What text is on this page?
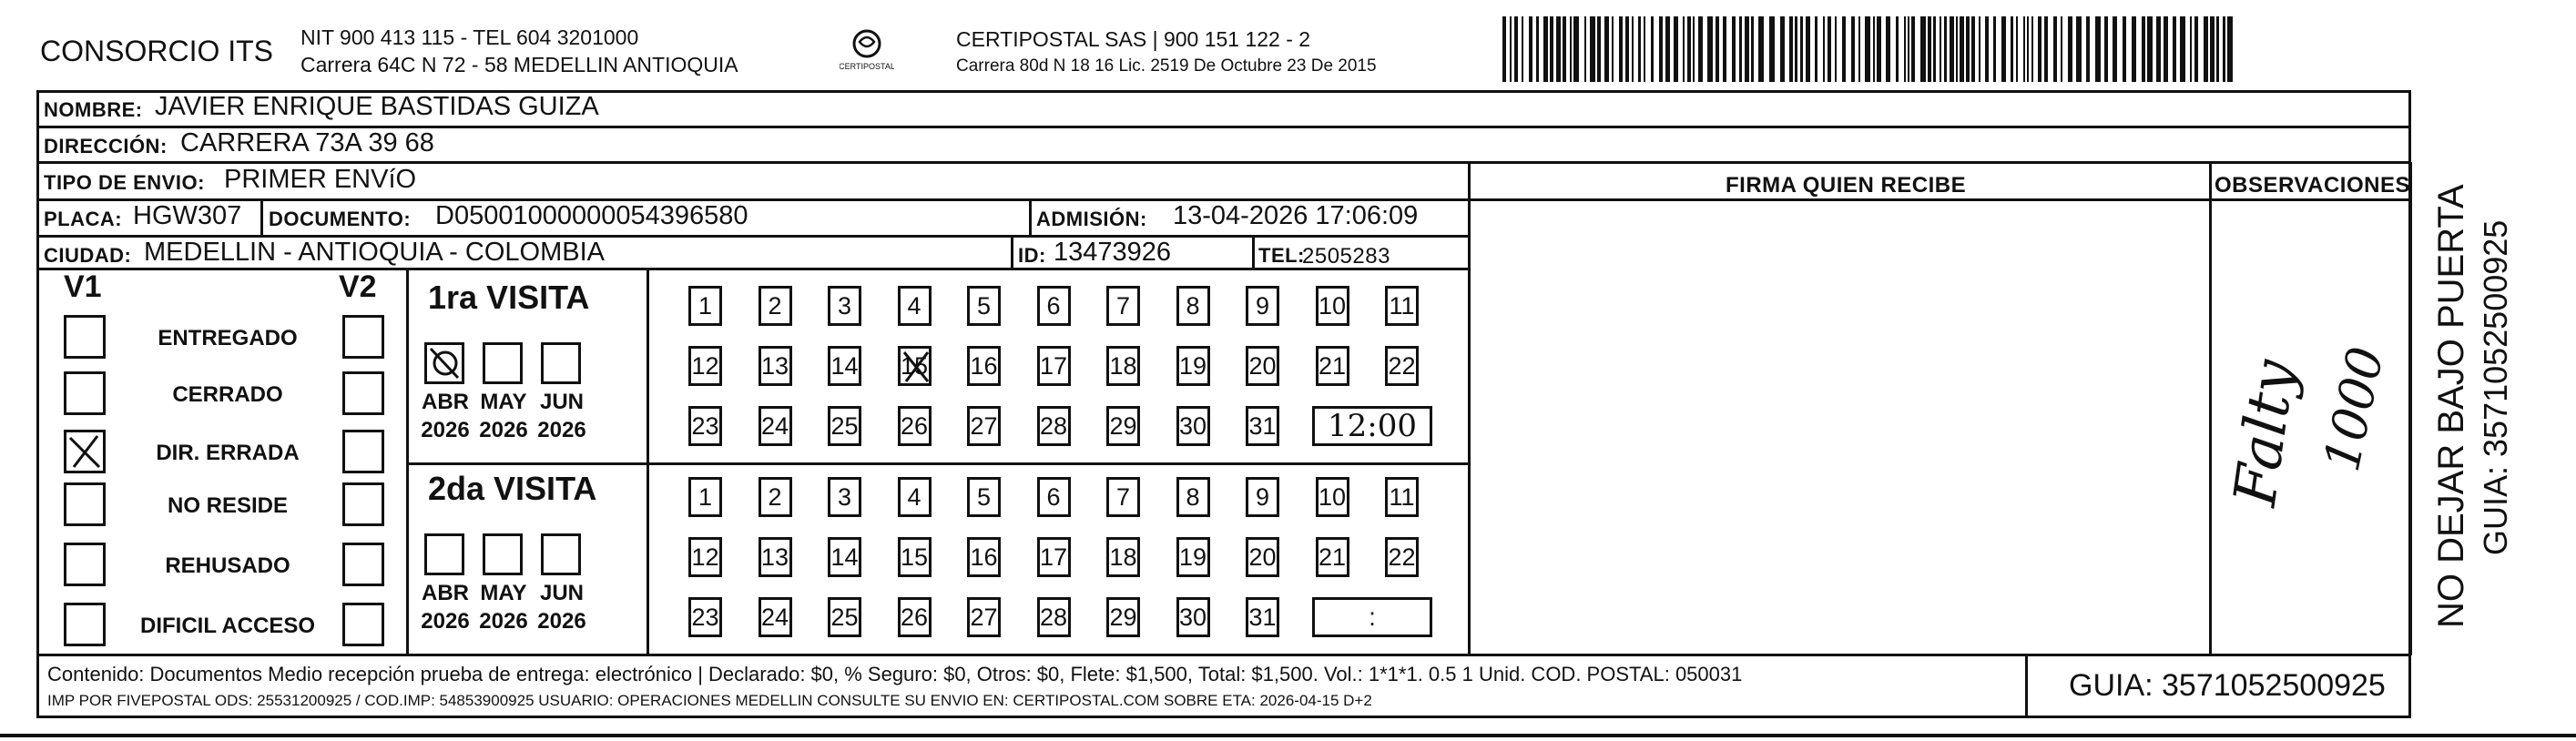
CONSORCIO ITS NIT 900 413 115 - TEL 604 3201000
Carrera 64C N 72 - 58 MEDELLIN ANTIOQUIA	CERTIPOSTAL
CERTIPOSTAL SAS | 900 151 122 - 2
Carrera 80d N 18 16 Lic. 2519 De Octubre 23 De 2015
NOMBRE: JAVIER ENRIQUE BASTIDAS GUIZA
DIRECCIÓN: CARRERA 73A 39 68
TIPO DE ENVIO: PRIMER ENVíO	FIRMA QUIEN RECIBE	OBSERVACIONES
PLACA: HGW307 DOCUMENTO: D05001000000054396580	ADMISIÓN: 13-04-2026 17:06:09
CIUDAD: MEDELLIN - ANTIOQUIA - COLOMBIA	ID: 13473926	TEL:
2505283
V1	V2
ENTREGADO
CERRADO
DIR. ERRADA
NO RESIDE
REHUSADO
DIFICIL ACCESO
1ra VISITA
2da VISITA
ABR
2026
MAY
2026
JUN
2026
1 2 3 4 5 6 7 8 9 10 11
12 13 14 15 16 17 18 19 20 21 22
23 24 25 26 27 28 29 30 31 12:00
ABR
2026
MAY
2026
JUN
2026
1 2 3 4 5 6 7 8 9 10 11
12 13 14 15 16 17 18 19 20 21 22
23 24 25 26 27 28 29 30 31	:
Falty 1000 NO DEJAR BAJO PUERTA GUIA: 3571052500925
Contenido: Documentos Medio recepción prueba de entrega: electrónico | Declarado: $0, % Seguro: $0, Otros: $0, Flete: $1,500, Total: $1,500. Vol.: 1*1*1. 0.5 1 Unid. COD. POSTAL: 050031
IMP POR FIVEPOSTAL ODS: 25531200925 / COD.IMP: 54853900925 USUARIO: OPERACIONES MEDELLIN CONSULTE SU ENVIO EN: CERTIPOSTAL.COM SOBRE ETA: 2026-04-15 D+2	GUIA: 3571052500925
